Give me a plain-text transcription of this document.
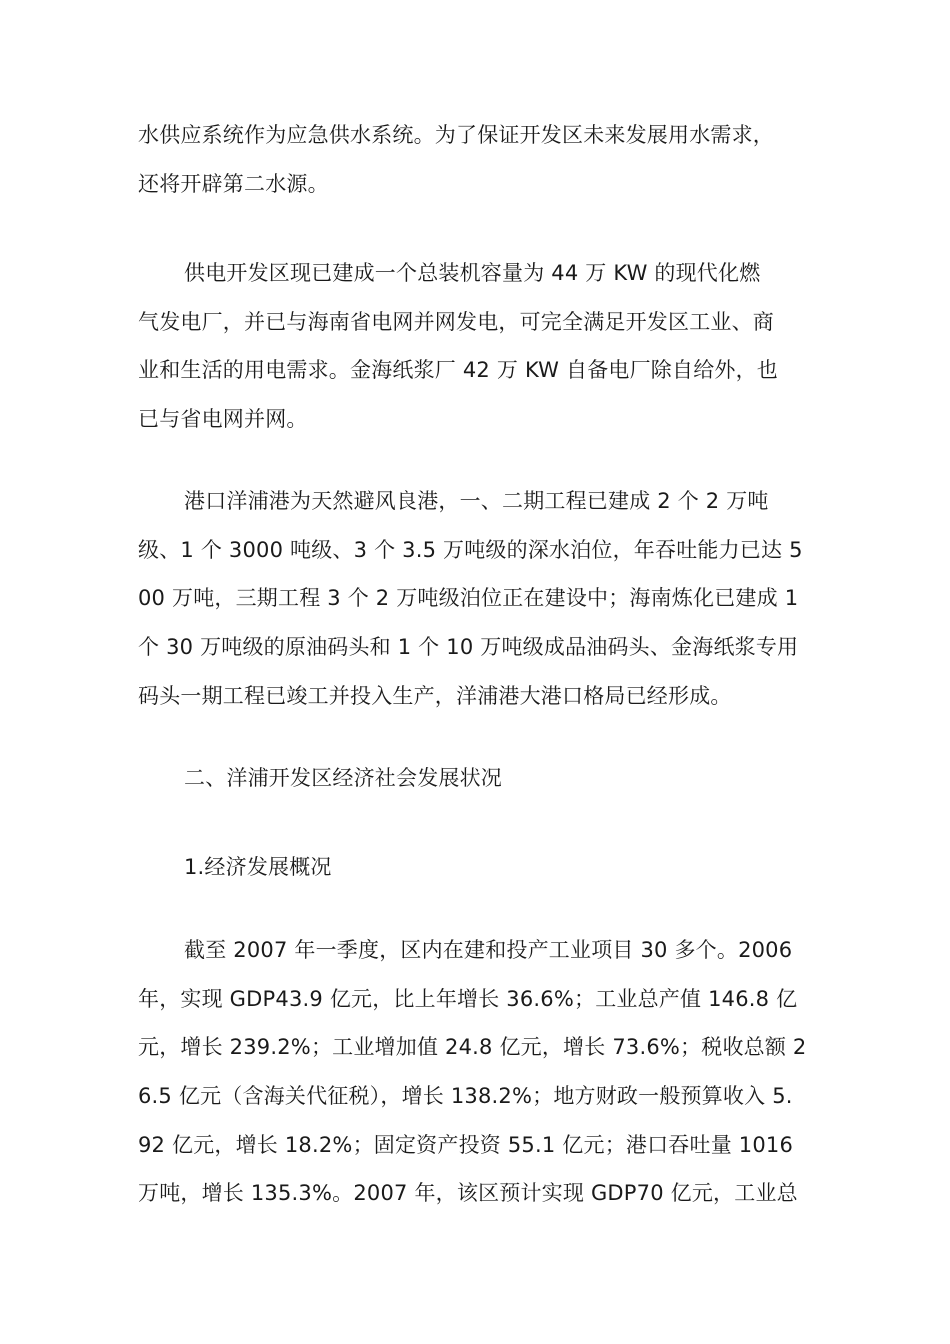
水供应系统作为应急供水系统。为了保证开发区未来发展用水需求，
还将开辟第二水源。
供电开发区现已建成一个总装机容量为 44 万 KW 的现代化燃
气发电厂，并已与海南省电网并网发电，可完全满足开发区工业、商
业和生活的用电需求。金海纸浆厂 42 万 KW 自备电厂除自给外，也
已与省电网并网。
港口洋浦港为天然避风良港，一、二期工程已建成 2 个 2 万吨
级、1 个 3000 吨级、3 个 3.5 万吨级的深水泊位，年吞吐能力已达 5
00 万吨，三期工程 3 个 2 万吨级泊位正在建设中；海南炼化已建成 1
个 30 万吨级的原油码头和 1 个 10 万吨级成品油码头、金海纸浆专用
码头一期工程已竣工并投入生产，洋浦港大港口格局已经形成。
二、洋浦开发区经济社会发展状况
1.经济发展概况
截至 2007 年一季度，区内在建和投产工业项目 30 多个。2006
年，实现 GDP43.9 亿元，比上年增长 36.6%；工业总产值 146.8 亿
元，增长 239.2%；工业增加值 24.8 亿元，增长 73.6%；税收总额 2
6.5 亿元（含海关代征税），增长 138.2%；地方财政一般预算收入 5.
92 亿元，增长 18.2%；固定资产投资 55.1 亿元；港口吞吐量 1016
万吨，增长 135.3%。2007 年，该区预计实现 GDP70 亿元，工业总
